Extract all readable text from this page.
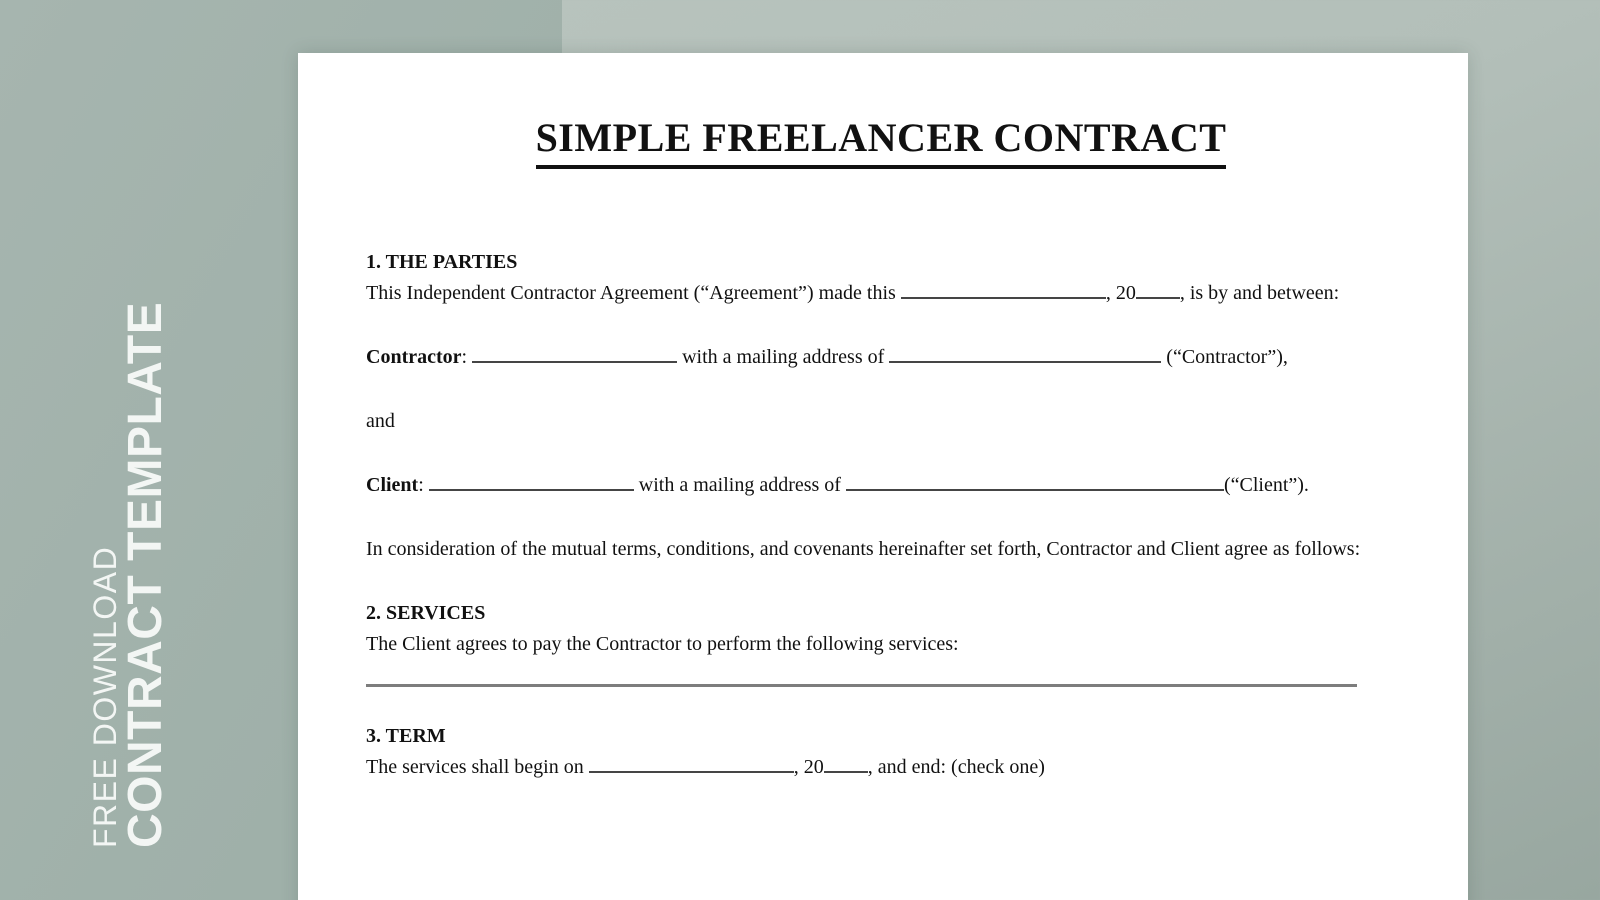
FREE DOWNLOAD
CONTRACT TEMPLATE
SIMPLE FREELANCER CONTRACT

1. THE PARTIES

This Independent Contractor Agreement (“Agreement”) made this	, 20 , is by and between:

Contractor:	with a mailing address of	(“Contractor”),

and

Client:	with a mailing address of	(“Client”).

In consideration of the mutual terms, conditions, and covenants hereinafter set forth, Contractor and Client agree as follows:

2. SERVICES

The Client agrees to pay the Contractor to perform the following services:

3. TERM

The services shall begin on	, 20 , and end: (check one)
